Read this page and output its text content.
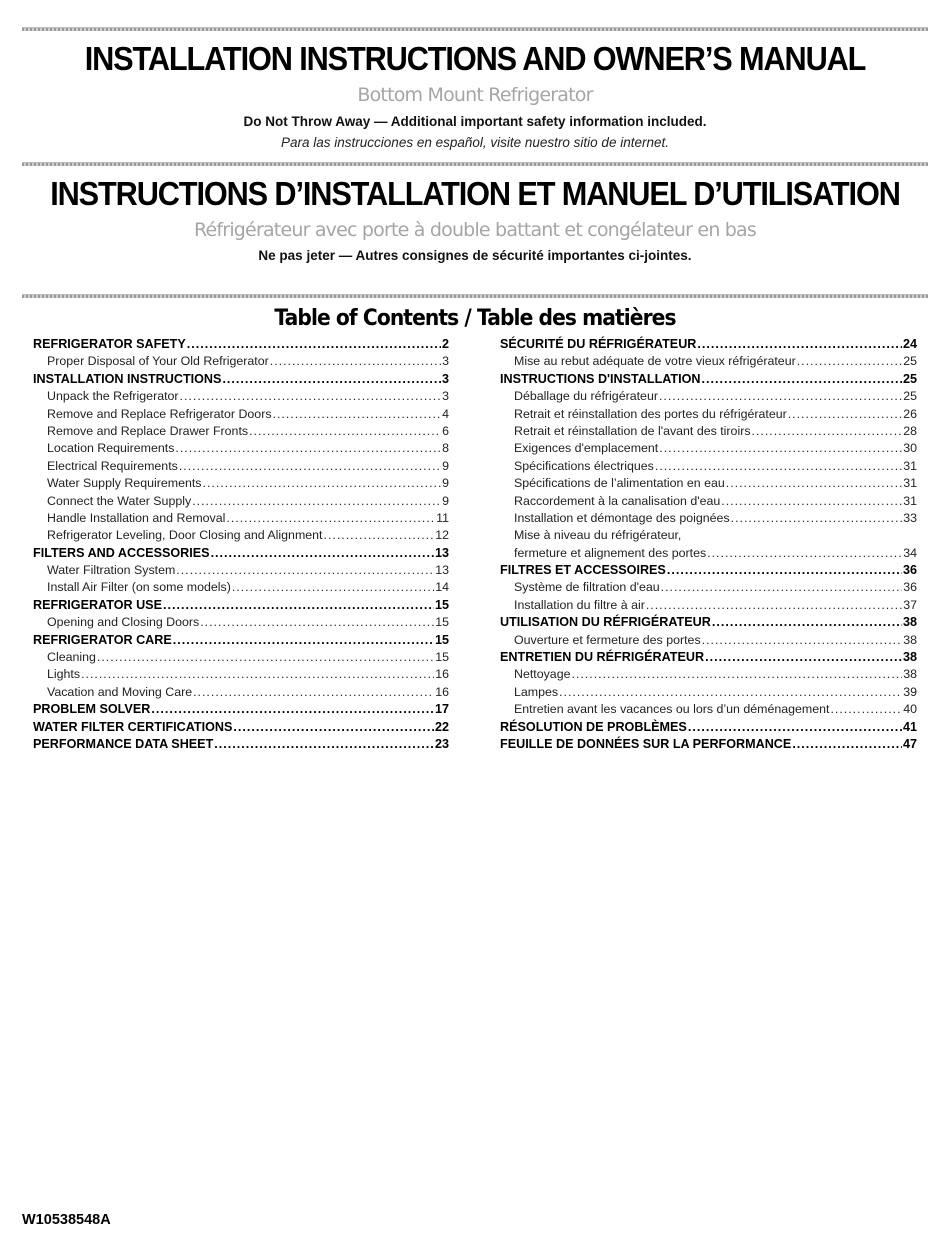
INSTALLATION INSTRUCTIONS AND OWNER’S MANUAL
Bottom Mount Refrigerator
Do Not Throw Away — Additional important safety information included.
Para las instrucciones en español, visite nuestro sitio de internet.
INSTRUCTIONS D’INSTALLATION ET MANUEL D’UTILISATION
Réfrigérateur avec porte à double battant et congélateur en bas
Ne pas jeter — Autres consignes de sécurité importantes ci-jointes.
Table of Contents / Table des matières
REFRIGERATOR SAFETY .....	2
Proper Disposal of Your Old Refrigerator .....	3
INSTALLATION INSTRUCTIONS .....	3
Unpack the Refrigerator .....	3
Remove and Replace Refrigerator Doors .....	4
Remove and Replace Drawer Fronts .....	6
Location Requirements .....	8
Electrical Requirements .....	9
Water Supply Requirements .....	9
Connect the Water Supply .....	9
Handle Installation and Removal .....	11
Refrigerator Leveling, Door Closing and Alignment .....	12
FILTERS AND ACCESSORIES .....	13
Water Filtration System .....	13
Install Air Filter (on some models) .....	14
REFRIGERATOR USE .....	15
Opening and Closing Doors .....	15
REFRIGERATOR CARE .....	15
Cleaning .....	15
Lights .....	16
Vacation and Moving Care .....	16
PROBLEM SOLVER .....	17
WATER FILTER CERTIFICATIONS .....	22
PERFORMANCE DATA SHEET .....	23
SÉCURITÉ DU RÉFRIGÉRATEUR .....	24
Mise au rebut adéquate de votre vieux réfrigérateur .....	25
INSTRUCTIONS D'INSTALLATION .....	25
Déballage du réfrigérateur .....	25
Retrait et réinstallation des portes du réfrigérateur .....	26
Retrait et réinstallation de l'avant des tiroirs .....	28
Exigences d'emplacement .....	30
Spécifications électriques .....	31
Spécifications de l’alimentation en eau .....	31
Raccordement à la canalisation d'eau .....	31
Installation et démontage des poignées .....	33
Mise à niveau du réfrigérateur,
fermeture et alignement des portes .....	34
FILTRES ET ACCESSOIRES .....	36
Système de filtration d'eau .....	36
Installation du filtre à air .....	37
UTILISATION DU RÉFRIGÉRATEUR .....	38
Ouverture et fermeture des portes .....	38
ENTRETIEN DU RÉFRIGÉRATEUR .....	38
Nettoyage .....	38
Lampes .....	39
Entretien avant les vacances ou lors d’un déménagement .....	40
RÉSOLUTION DE PROBLÈMES .....	41
FEUILLE DE DONNÉES SUR LA PERFORMANCE .....	47
W10538548A
